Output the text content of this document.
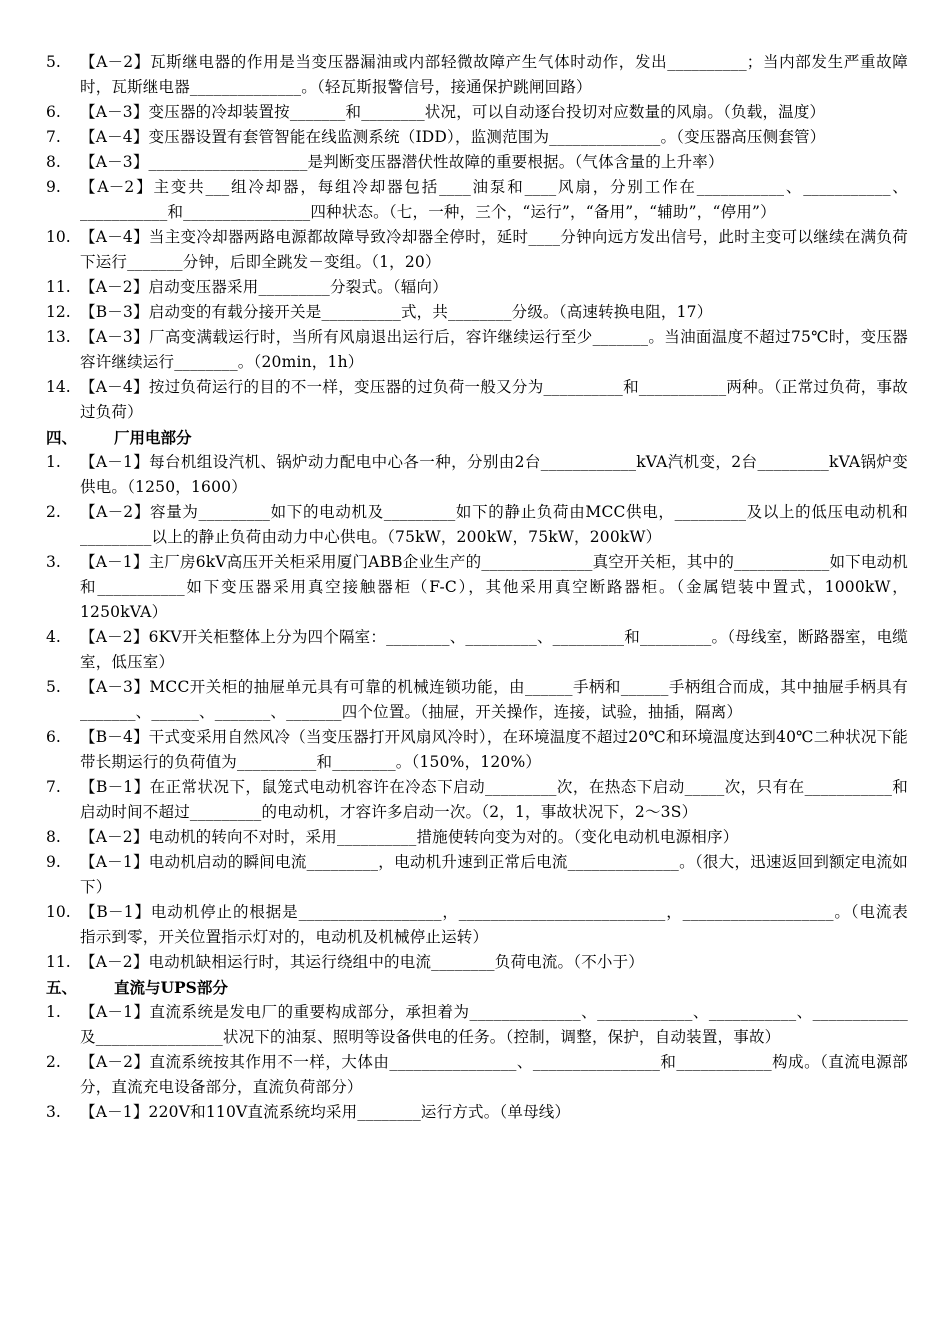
5.	【A－2】瓦斯继电器的作用是当变压器漏油或内部轻微故障产生气体时动作，发出__________；当内部发生严重故障时，瓦斯继电器______________。（轻瓦斯报警信号，接通保护跳闸回路）
6.	【A－3】变压器的冷却装置按_______和________状况，可以自动逐台投切对应数量的风扇。（负载，温度）
7.	【A－4】变压器设置有套管智能在线监测系统（IDD），监测范围为______________。（变压器高压侧套管）
8.	【A－3】____________________是判断变压器潜伏性故障的重要根据。（气体含量的上升率）
9.	【A－2】主变共___组冷却器，每组冷却器包括____油泵和____风扇，分别工作在___________、___________、___________和________________四种状态。（七，一种，三个，“运行”，“备用”，“辅助”，“停用”）
10. 【A－4】当主变冷却器两路电源都故障导致冷却器全停时，延时____分钟向远方发出信号，此时主变可以继续在满负荷下运行_______分钟，后即全跳发－变组。（1，20）
11. 【A－2】启动变压器采用_________分裂式。（辐向）
12. 【B－3】启动变的有载分接开关是__________式，共________分级。（高速转换电阻，17）
13. 【A－3】厂高变满载运行时，当所有风扇退出运行后，容许继续运行至少_______。当油面温度不超过75℃时，变压器容许继续运行________。（20min，1h）
14. 【A－4】按过负荷运行的目的不一样，变压器的过负荷一般又分为__________和___________两种。（正常过负荷，事故过负荷）
四、	厂用电部分
1.	【A－1】每台机组设汽机、锅炉动力配电中心各一种，分别由2台____________kVA汽机变，2台_________kVA锅炉变供电。（1250，1600）
2.	【A－2】容量为_________如下的电动机及_________如下的静止负荷由MCC供电，_________及以上的低压电动机和_________以上的静止负荷由动力中心供电。（75kW，200kW，75kW，200kW）
3.	【A－1】主厂房6kV高压开关柜采用厦门ABB企业生产的______________真空开关柜，其中的____________如下电动机和___________如下变压器采用真空接触器柜（F-C），其他采用真空断路器柜。（金属铠装中置式，1000kW，1250kVA）
4.	【A－2】6KV开关柜整体上分为四个隔室：________、_________、_________和_________。（母线室，断路器室，电缆室，低压室）
5.	【A－3】MCC开关柜的抽屉单元具有可靠的机械连锁功能，由______手柄和______手柄组合而成，其中抽屉手柄具有_______、______、_______、_______四个位置。（抽屉，开关操作，连接，试验，抽插，隔离）
6.	【B－4】干式变采用自然风冷（当变压器打开风扇风冷时），在环境温度不超过20℃和环境温度达到40℃二种状况下能带长期运行的负荷值为__________和________。（150%，120%）
7.	【B－1】在正常状况下，鼠笼式电动机容许在冷态下启动_________次，在热态下启动_____次，只有在___________和启动时间不超过_________的电动机，才容许多启动一次。（2，1，事故状况下，2～3S）
8.	【A－2】电动机的转向不对时，采用__________措施使转向变为对的。（变化电动机电源相序）
9.	【A－1】电动机启动的瞬间电流_________，电动机升速到正常后电流______________。（很大，迅速返回到额定电流如下）
10. 【B－1】电动机停止的根据是__________________，__________________________，___________________。（电流表指示到零，开关位置指示灯对的，电动机及机械停止运转）
11. 【A－2】电动机缺相运行时，其运行绕组中的电流________负荷电流。（不小于）
五、	直流与UPS部分
1.	【A－1】直流系统是发电厂的重要构成部分，承担着为______________、____________、___________、____________及________________状况下的油泵、照明等设备供电的任务。（控制，调整，保护，自动装置，事故）
2.	【A－2】直流系统按其作用不一样，大体由________________、________________和____________构成。（直流电源部分，直流充电设备部分，直流负荷部分）
3.	【A－1】220V和110V直流系统均采用________运行方式。（单母线）
